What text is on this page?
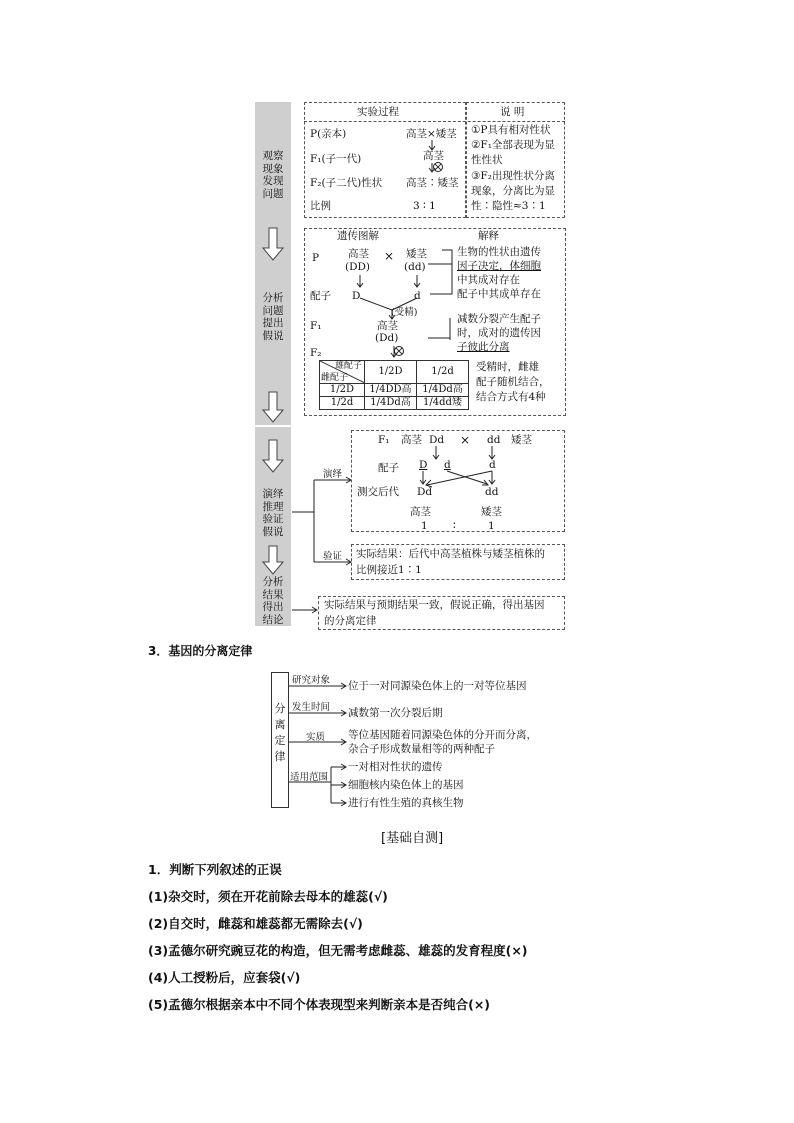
观察
现象
发现
问题
分析
问题
提出
假说
演绎
推理
验证
假说
分析
结果
得出
结论
实验过程	说 明
P(亲本)	高茎×矮茎
F₁(子一代)	高茎
F₂(子二代)性状 高茎∶矮茎
比例	3 ∶ 1
①P具有相对性状
②F₁全部表现为显
性性状
③F₂出现性状分离
现象，分离比为显
性∶隐性≈3∶1
遗传图解	解释
P	高茎 × 矮茎
(DD)	(dd)
配子 D	d
(受精)
F₁	高茎
(Dd)
F₂
生物的性状由遗传
因子决定，体细胞
中其成对存在
配子中其成单存在
减数分裂产生配子
时，成对的遗传因
子彼此分离
雄配子
雌配子	1/2D	1/2d
1/2D	1/4DD高	1/4Dd高
1/2d	1/4Dd高	1/4dd矮
受精时，雌雄
配子随机结合，
结合方式有4种
演绎
验证
F₁ 高茎 Dd × dd 矮茎
配子 D d	d
测交后代 Dd	dd
高茎	矮茎
1 ∶	1
实际结果：后代中高茎植株与矮茎植株的
比例接近1∶1
实际结果与预期结果一致，假说正确，得出基因
的分离定律
3．基因的分离定律
分
离
定
律
研究对象 位于一对同源染色体上的一对等位基因
发生时间 减数第一次分裂后期
实质 等位基因随着同源染色体的分开而分离，
杂合子形成数量相等的两种配子
适用范围
一对相对性状的遗传
细胞核内染色体上的基因
进行有性生殖的真核生物
[基础自测]
1．判断下列叙述的正误
(1)杂交时，须在开花前除去母本的雄蕊(√)
(2)自交时，雌蕊和雄蕊都无需除去(√)
(3)孟德尔研究豌豆花的构造，但无需考虑雌蕊、雄蕊的发育程度(×)
(4)人工授粉后，应套袋(√)
(5)孟德尔根据亲本中不同个体表现型来判断亲本是否纯合(×)
